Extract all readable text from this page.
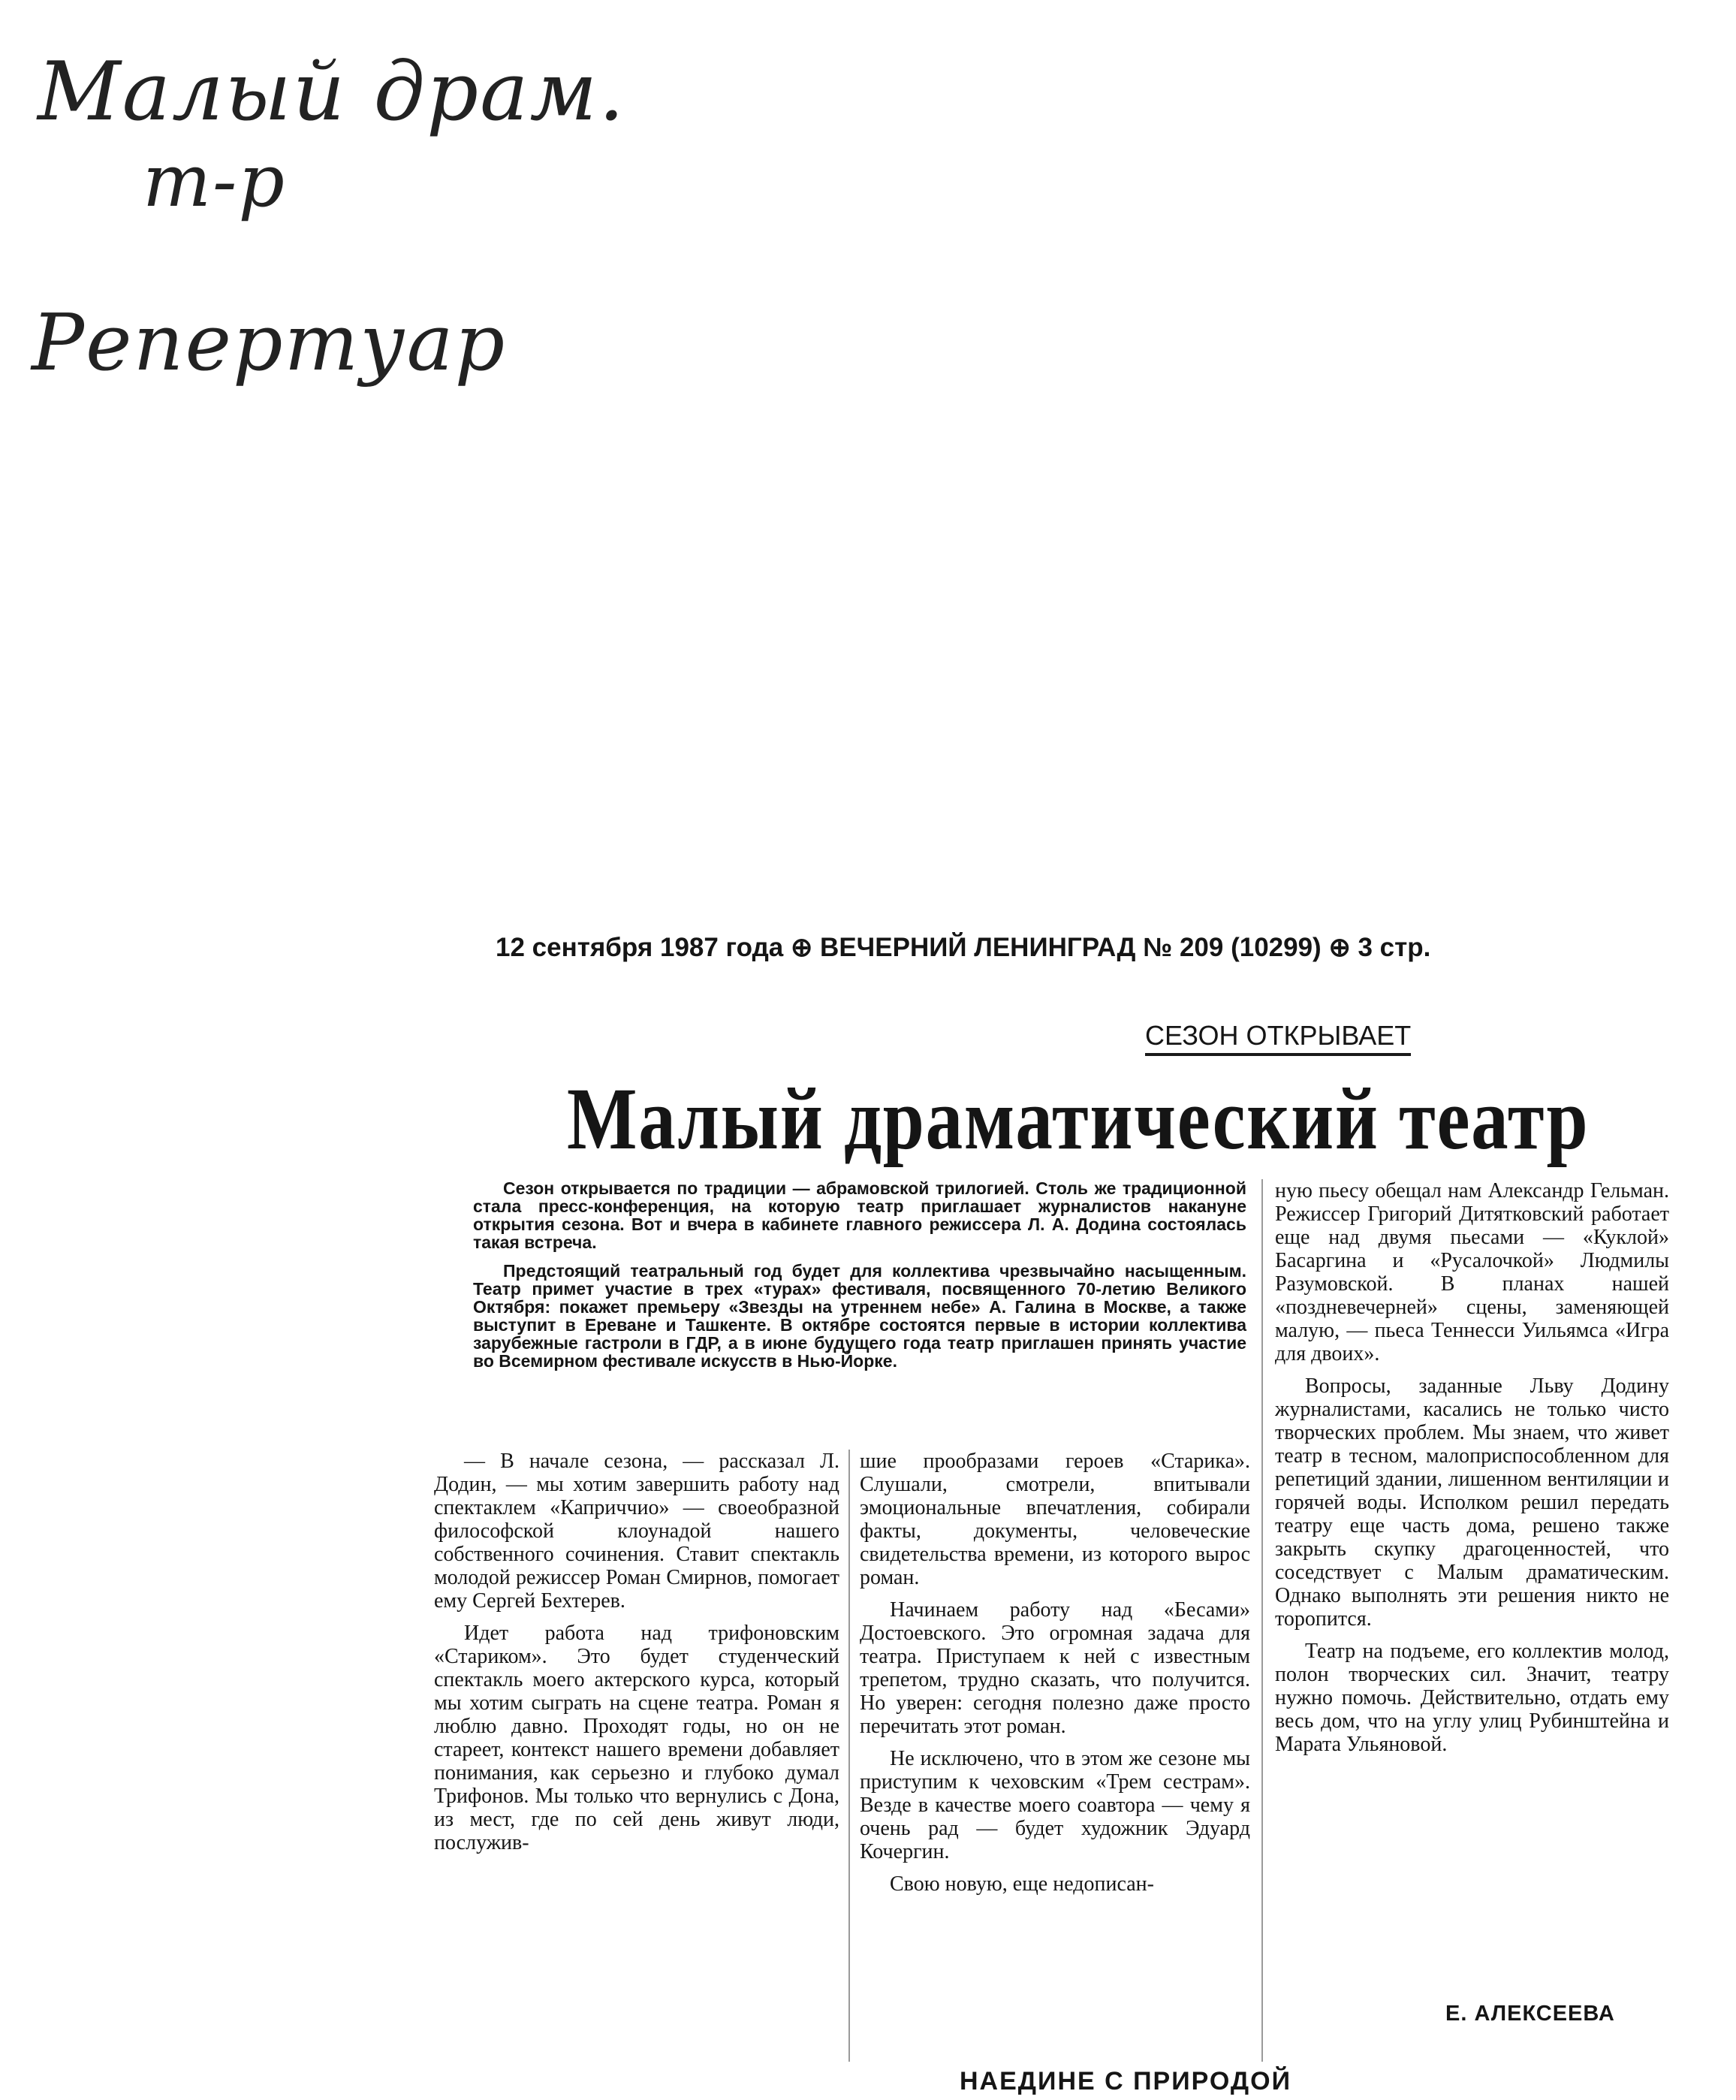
Малый драм.
т-р
Репертуар
12 сентября 1987 года ⊕ ВЕЧЕРНИЙ ЛЕНИНГРАД № 209 (10299) ⊕ 3 стр.
СЕЗОН ОТКРЫВАЕТ
Малый драматический театр

Сезон открывается по традиции — абрамовской трилогией. Столь же традиционной стала пресс-конференция, на которую театр приглашает журналистов накануне открытия сезона. Вот и вчера в кабинете главного режиссера Л. А. Додина состоялась такая встреча.

Предстоящий театральный год будет для коллектива чрезвычайно насыщенным. Театр примет участие в трех «турах» фестиваля, посвященного 70-летию Великого Октября: покажет премьеру «Звезды на утреннем небе» А. Галина в Москве, а также выступит в Ереване и Ташкенте. В октябре состоятся первые в истории коллектива зарубежные гастроли в ГДР, а в июне будущего года театр приглашен принять участие во Всемирном фестивале искусств в Нью-Йорке.

— В начале сезона, — рассказал Л. Додин, — мы хотим завершить работу над спектаклем «Каприччио» — своеобразной философской клоунадой нашего собственного сочинения. Ставит спектакль молодой режиссер Роман Смирнов, помогает ему Сергей Бехтерев.

Идет работа над трифоновским «Стариком». Это будет студенческий спектакль моего актерского курса, который мы хотим сыграть на сцене театра. Роман я люблю давно. Проходят годы, но он не стареет, контекст нашего времени добавляет понимания, как серьезно и глубоко думал Трифонов. Мы только что вернулись с Дона, из мест, где по сей день живут люди, послужив-

шие прообразами героев «Старика». Слушали, смотрели, впитывали эмоциональные впечатления, собирали факты, документы, человеческие свидетельства времени, из которого вырос роман.

Начинаем работу над «Бесами» Достоевского. Это огромная задача для театра. Приступаем к ней с известным трепетом, трудно сказать, что получится. Но уверен: сегодня полезно даже просто перечитать этот роман.

Не исключено, что в этом же сезоне мы приступим к чеховским «Трем сестрам». Везде в качестве моего соавтора — чему я очень рад — будет художник Эдуард Кочергин.

Свою новую, еще недописан-

ную пьесу обещал нам Александр Гельман. Режиссер Григорий Дитятковский работает еще над двумя пьесами — «Куклой» Басаргина и «Русалочкой» Людмилы Разумовской. В планах нашей «поздневечерней» сцены, заменяющей малую, — пьеса Теннесси Уильямса «Игра для двоих».

Вопросы, заданные Льву Додину журналистами, касались не только чисто творческих проблем. Мы знаем, что живет театр в тесном, малоприспособленном для репетиций здании, лишенном вентиляции и горячей воды. Исполком решил передать театру еще часть дома, решено также закрыть скупку драгоценностей, что соседствует с Малым драматическим. Однако выполнять эти решения никто не торопится.

Театр на подъеме, его коллектив молод, полон творческих сил. Значит, театру нужно помочь. Действительно, отдать ему весь дом, что на углу улиц Рубинштейна и Марата Ульяновой.

Е. АЛЕКСЕЕВА
НАЕДИНЕ С ПРИРОДОЙ
